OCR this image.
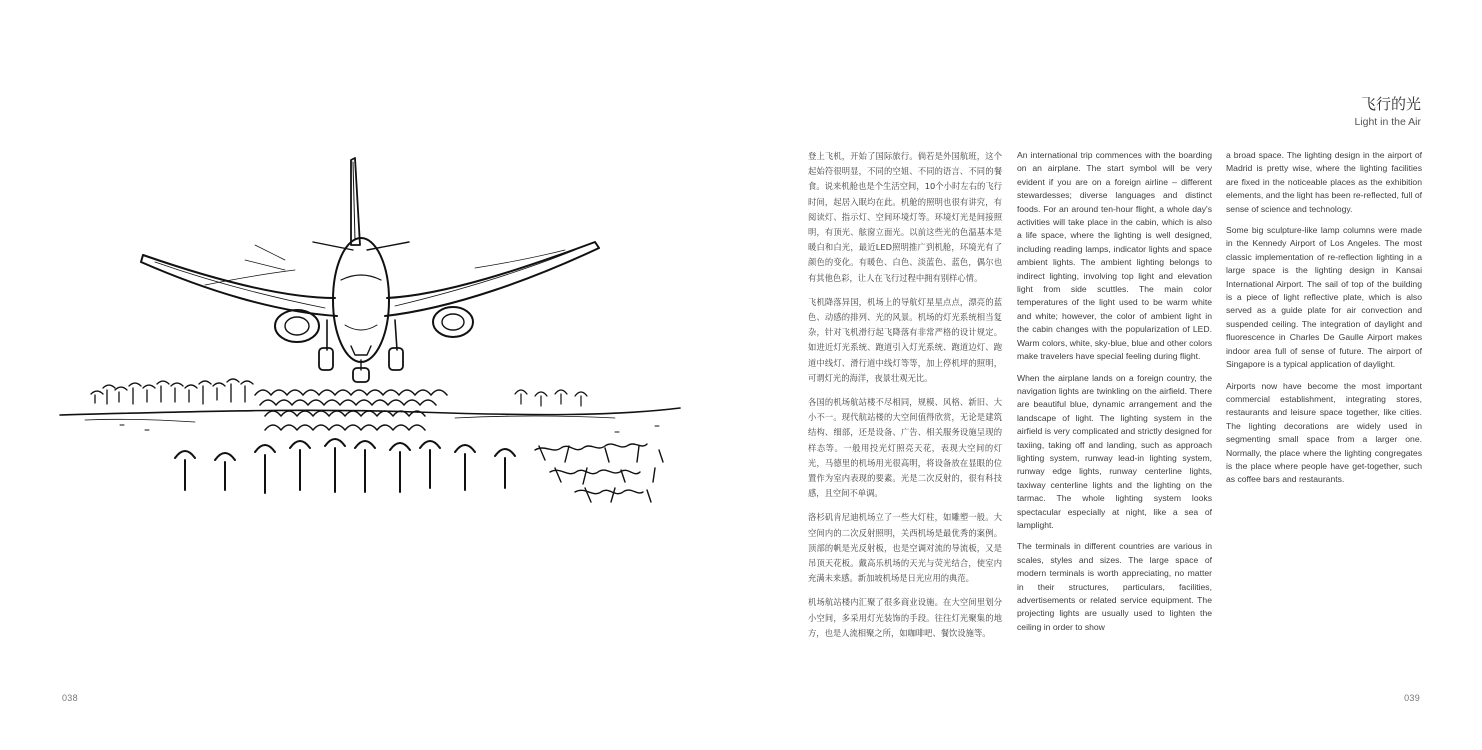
飞机降落时飞行的灯
的光与停机坪灯
光场景
038
飞行的光
Light in the Air

登上飞机，开始了国际旅行。倘若是外国航班，这个起始符很明显，不同的空姐、不同的语言、不同的餐食。说来机舱也是个生活空间，10个小时左右的飞行时间，起居入眠均在此。机舱的照明也很有讲究，有阅读灯、指示灯、空间环境灯等。环境灯光是间接照明，有顶光、舷窗立面光。以前这些光的色温基本是暖白和白光，最近LED照明推广到机舱，环境光有了颜色的变化。有暖色、白色、淡蓝色、蓝色，偶尔也有其他色彩，让人在飞行过程中拥有别样心情。

飞机降落异国，机场上的导航灯星星点点，漂亮的蓝色、动感的排列、光的风景。机场的灯光系统相当复杂，针对飞机滑行起飞降落有非常严格的设计规定。如进近灯光系统、跑道引入灯光系统、跑道边灯、跑道中线灯、滑行道中线灯等等，加上停机坪的照明，可谓灯光的海洋，夜景壮观无比。

各国的机场航站楼不尽相同，规模、风格、新旧、大小不一。现代航站楼的大空间值得欣赏，无论是建筑结构、细部，还是设备、广告、相关服务设施呈现的样态等。一般用投光灯照亮天花，表现大空间的灯光，马德里的机场用光很高明，将设备放在显眼的位置作为室内表现的要素。光是二次反射的，很有科技感，且空间不单调。

洛杉矶肯尼迪机场立了一些大灯柱，如雕塑一般。大空间内的二次反射照明，关西机场是最优秀的案例。顶部的帆是光反射板，也是空调对流的导流板，又是吊顶天花板。戴高乐机场的天光与荧光结合，使室内充满未来感。新加坡机场是日光应用的典范。

机场航站楼内汇聚了很多商业设施。在大空间里划分小空间，多采用灯光装饰的手段。往往灯光聚集的地方，也是人流相聚之所，如咖啡吧、餐饮设施等。

An international trip commences with the boarding on an airplane. The start symbol will be very evident if you are on a foreign airline – different stewardesses; diverse languages and distinct foods. For an around ten-hour flight, a whole day's activities will take place in the cabin, which is also a life space, where the lighting is well designed, including reading lamps, indicator lights and space ambient lights. The ambient lighting belongs to indirect lighting, involving top light and elevation light from side scuttles. The main color temperatures of the light used to be warm white and white; however, the color of ambient light in the cabin changes with the popularization of LED. Warm colors, white, sky-blue, blue and other colors make travelers have special feeling during flight.

When the airplane lands on a foreign country, the navigation lights are twinkling on the airfield. There are beautiful blue, dynamic arrangement and the landscape of light. The lighting system in the airfield is very complicated and strictly designed for taxiing, taking off and landing, such as approach lighting system, runway lead-in lighting system, runway edge lights, runway centerline lights, taxiway centerline lights and the lighting on the tarmac. The whole lighting system looks spectacular especially at night, like a sea of lamplight.

The terminals in different countries are various in scales, styles and sizes. The large space of modern terminals is worth appreciating, no matter in their structures, particulars, facilities, advertisements or related service equipment. The projecting lights are usually used to lighten the ceiling in order to show

a broad space. The lighting design in the airport of Madrid is pretty wise, where the lighting facilities are fixed in the noticeable places as the exhibition elements, and the light has been re-reflected, full of sense of science and technology.

Some big sculpture-like lamp columns were made in the Kennedy Airport of Los Angeles. The most classic implementation of re-reflection lighting in a large space is the lighting design in Kansai International Airport. The sail of top of the building is a piece of light reflective plate, which is also served as a guide plate for air convection and suspended ceiling. The integration of daylight and fluorescence in Charles De Gaulle Airport makes indoor area full of sense of future. The airport of Singapore is a typical application of daylight.

Airports now have become the most important commercial establishment, integrating stores, restaurants and leisure space together, like cities. The lighting decorations are widely used in segmenting small space from a larger one. Normally, the place where the lighting congregates is the place where people have get-together, such as coffee bars and restaurants.

039
